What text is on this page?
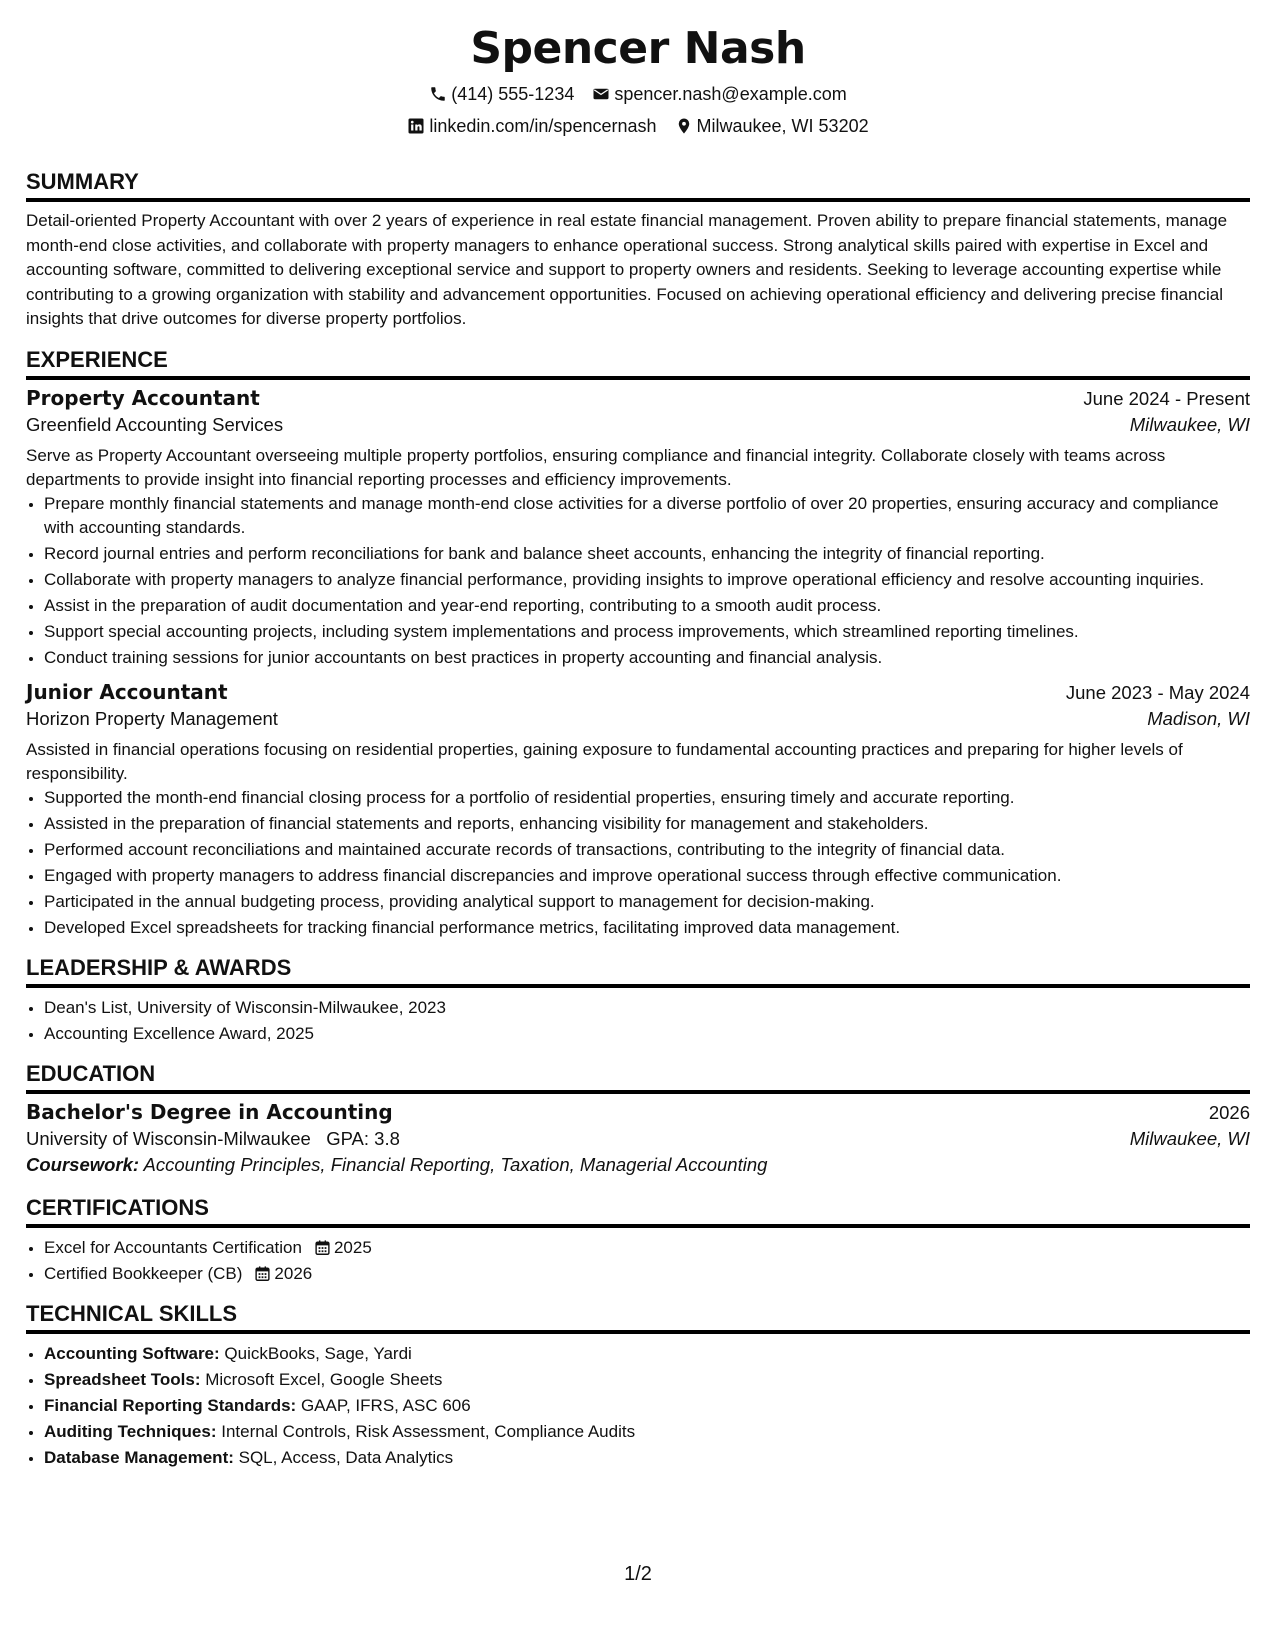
Spencer Nash
(414) 555-1234 spencer.nash@example.com
linkedin.com/in/spencernash Milwaukee, WI 53202
SUMMARY
Detail-oriented Property Accountant with over 2 years of experience in real estate financial management. Proven ability to prepare financial statements, manage month-end close activities, and collaborate with property managers to enhance operational success. Strong analytical skills paired with expertise in Excel and accounting software, committed to delivering exceptional service and support to property owners and residents. Seeking to leverage accounting expertise while contributing to a growing organization with stability and advancement opportunities. Focused on achieving operational efficiency and delivering precise financial insights that drive outcomes for diverse property portfolios.
EXPERIENCE
Property Accountant	June 2024 - Present
Greenfield Accounting Services	Milwaukee, WI
Serve as Property Accountant overseeing multiple property portfolios, ensuring compliance and financial integrity. Collaborate closely with teams across departments to provide insight into financial reporting processes and efficiency improvements.
• Prepare monthly financial statements and manage month-end close activities for a diverse portfolio of over 20 properties, ensuring accuracy and compliance with accounting standards.
• Record journal entries and perform reconciliations for bank and balance sheet accounts, enhancing the integrity of financial reporting.
• Collaborate with property managers to analyze financial performance, providing insights to improve operational efficiency and resolve accounting inquiries.
• Assist in the preparation of audit documentation and year-end reporting, contributing to a smooth audit process.
• Support special accounting projects, including system implementations and process improvements, which streamlined reporting timelines.
• Conduct training sessions for junior accountants on best practices in property accounting and financial analysis.
Junior Accountant	June 2023 - May 2024
Horizon Property Management	Madison, WI
Assisted in financial operations focusing on residential properties, gaining exposure to fundamental accounting practices and preparing for higher levels of responsibility.
• Supported the month-end financial closing process for a portfolio of residential properties, ensuring timely and accurate reporting.
• Assisted in the preparation of financial statements and reports, enhancing visibility for management and stakeholders.
• Performed account reconciliations and maintained accurate records of transactions, contributing to the integrity of financial data.
• Engaged with property managers to address financial discrepancies and improve operational success through effective communication.
• Participated in the annual budgeting process, providing analytical support to management for decision-making.
• Developed Excel spreadsheets for tracking financial performance metrics, facilitating improved data management.
LEADERSHIP & AWARDS
• Dean's List, University of Wisconsin-Milwaukee, 2023
• Accounting Excellence Award, 2025
EDUCATION
Bachelor's Degree in Accounting	2026
University of Wisconsin-Milwaukee GPA: 3.8	Milwaukee, WI
Coursework: Accounting Principles, Financial Reporting, Taxation, Managerial Accounting
CERTIFICATIONS
• Excel for Accountants Certification 2025
• Certified Bookkeeper (CB) 2026
TECHNICAL SKILLS
• Accounting Software: QuickBooks, Sage, Yardi
• Spreadsheet Tools: Microsoft Excel, Google Sheets
• Financial Reporting Standards: GAAP, IFRS, ASC 606
• Auditing Techniques: Internal Controls, Risk Assessment, Compliance Audits
• Database Management: SQL, Access, Data Analytics
1/2
